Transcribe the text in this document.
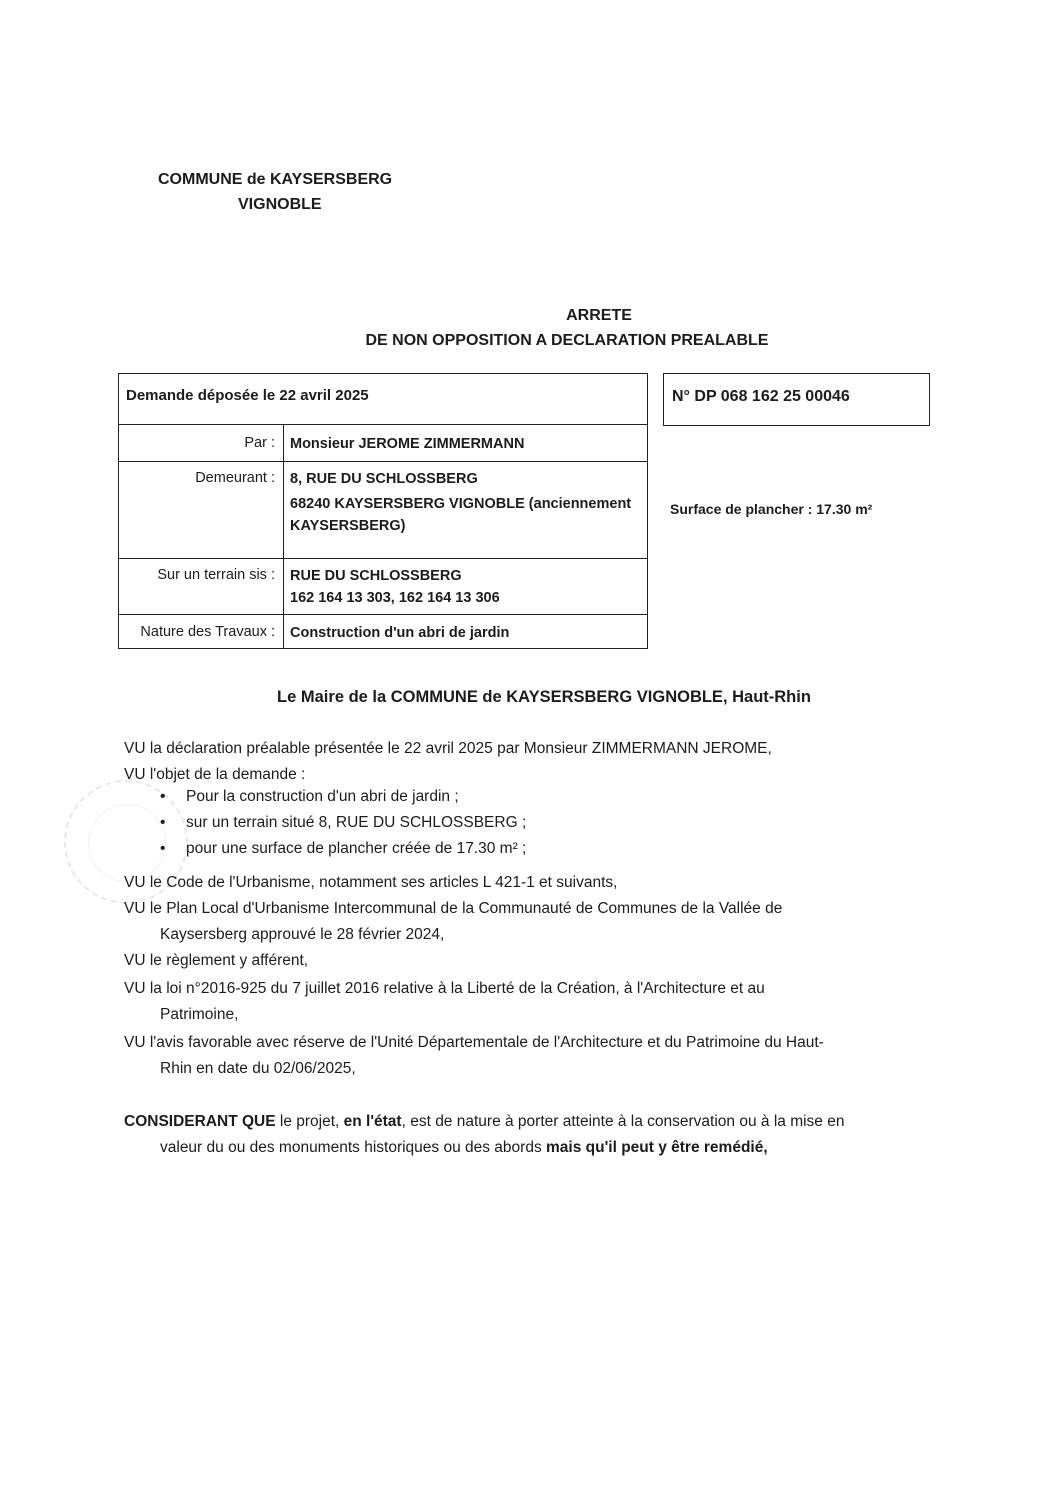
COMMUNE de KAYSERSBERG
VIGNOBLE
ARRETE
DE NON OPPOSITION A DECLARATION PREALABLE
Demande déposée le 22 avril 2025
Par : Monsieur JEROME ZIMMERMANN
Demeurant : 8, RUE DU SCHLOSSBERG
68240 KAYSERSBERG VIGNOBLE (anciennement
KAYSERSBERG)
Sur un terrain sis : RUE DU SCHLOSSBERG
162 164 13 303, 162 164 13 306
Nature des Travaux : Construction d'un abri de jardin
N° DP 068 162 25 00046
Surface de plancher : 17.30 m²
Le Maire de la COMMUNE de KAYSERSBERG VIGNOBLE, Haut-Rhin
VU la déclaration préalable présentée le 22 avril 2025 par Monsieur ZIMMERMANN JEROME,
VU l'objet de la demande :
• Pour la construction d'un abri de jardin ;
• sur un terrain situé 8, RUE DU SCHLOSSBERG ;
• pour une surface de plancher créée de 17.30 m² ;
VU le Code de l'Urbanisme, notamment ses articles L 421-1 et suivants,
VU le Plan Local d'Urbanisme Intercommunal de la Communauté de Communes de la Vallée de
Kaysersberg approuvé le 28 février 2024,
VU le règlement y afférent,
VU la loi n°2016-925 du 7 juillet 2016 relative à la Liberté de la Création, à l'Architecture et au
Patrimoine,
VU l'avis favorable avec réserve de l'Unité Départementale de l'Architecture et du Patrimoine du Haut-
Rhin en date du 02/06/2025,
CONSIDERANT QUE le projet, en l'état, est de nature à porter atteinte à la conservation ou à la mise en
valeur du ou des monuments historiques ou des abords mais qu'il peut y être remédié,
